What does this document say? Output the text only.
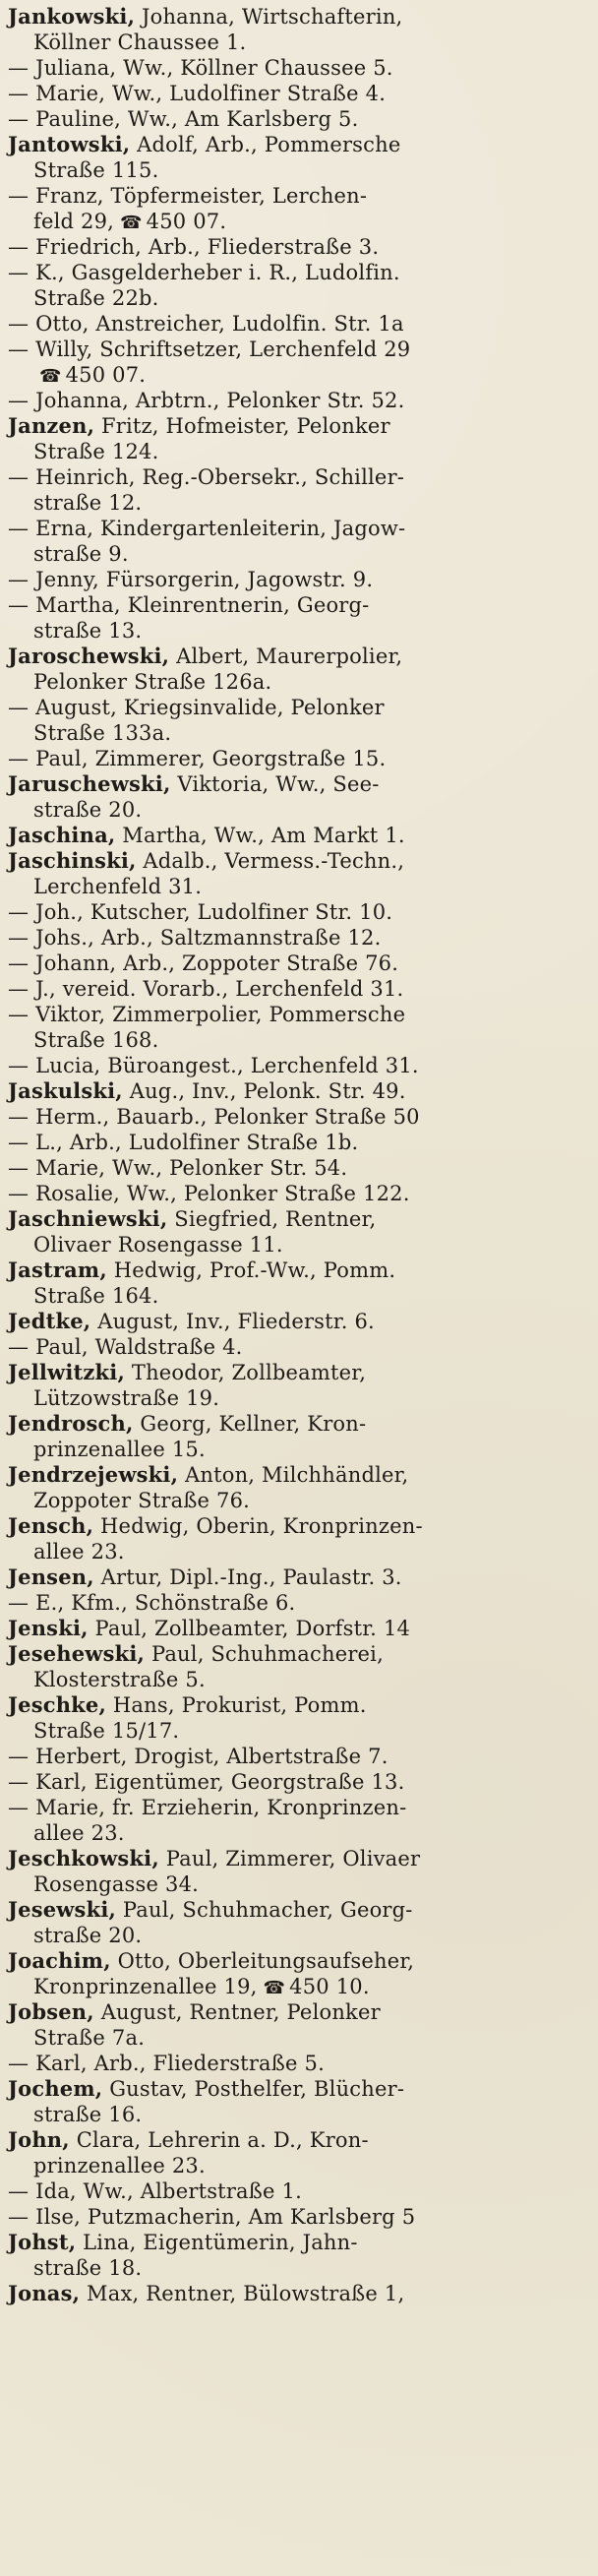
Jankowski, Johanna, Wirtschafterin,
Köllner Chaussee 1.
— Juliana, Ww., Köllner Chaussee 5.
— Marie, Ww., Ludolfiner Straße 4.
— Pauline, Ww., Am Karlsberg 5.
Jantowski, Adolf, Arb., Pommersche
Straße 115.
— Franz, Töpfermeister, Lerchen-
feld 29, ☎ 450 07.
— Friedrich, Arb., Fliederstraße 3.
— K., Gasgelderheber i. R., Ludolfin.
Straße 22b.
— Otto, Anstreicher, Ludolfin. Str. 1a
— Willy, Schriftsetzer, Lerchenfeld 29
☎ 450 07.
— Johanna, Arbtrn., Pelonker Str. 52.
Janzen, Fritz, Hofmeister, Pelonker
Straße 124.
— Heinrich, Reg.-Obersekr., Schiller-
straße 12.
— Erna, Kindergartenleiterin, Jagow-
straße 9.
— Jenny, Fürsorgerin, Jagowstr. 9.
— Martha, Kleinrentnerin, Georg-
straße 13.
Jaroschewski, Albert, Maurerpolier,
Pelonker Straße 126a.
— August, Kriegsinvalide, Pelonker
Straße 133a.
— Paul, Zimmerer, Georgstraße 15.
Jaruschewski, Viktoria, Ww., See-
straße 20.
Jaschina, Martha, Ww., Am Markt 1.
Jaschinski, Adalb., Vermess.-Techn.,
Lerchenfeld 31.
— Joh., Kutscher, Ludolfiner Str. 10.
— Johs., Arb., Saltzmannstraße 12.
— Johann, Arb., Zoppoter Straße 76.
— J., vereid. Vorarb., Lerchenfeld 31.
— Viktor, Zimmerpolier, Pommersche
Straße 168.
— Lucia, Büroangest., Lerchenfeld 31.
Jaskulski, Aug., Inv., Pelonk. Str. 49.
— Herm., Bauarb., Pelonker Straße 50
— L., Arb., Ludolfiner Straße 1b.
— Marie, Ww., Pelonker Str. 54.
— Rosalie, Ww., Pelonker Straße 122.
Jaschniewski, Siegfried, Rentner,
Olivaer Rosengasse 11.
Jastram, Hedwig, Prof.-Ww., Pomm.
Straße 164.
Jedtke, August, Inv., Fliederstr. 6.
— Paul, Waldstraße 4.
Jellwitzki, Theodor, Zollbeamter,
Lützowstraße 19.
Jendrosch, Georg, Kellner, Kron-
prinzenallee 15.
Jendrzejewski, Anton, Milchhändler,
Zoppoter Straße 76.
Jensch, Hedwig, Oberin, Kronprinzen-
allee 23.
Jensen, Artur, Dipl.-Ing., Paulastr. 3.
— E., Kfm., Schönstraße 6.
Jenski, Paul, Zollbeamter, Dorfstr. 14
Jesehewski, Paul, Schuhmacherei,
Klosterstraße 5.
Jeschke, Hans, Prokurist, Pomm.
Straße 15/17.
— Herbert, Drogist, Albertstraße 7.
— Karl, Eigentümer, Georgstraße 13.
— Marie, fr. Erzieherin, Kronprinzen-
allee 23.
Jeschkowski, Paul, Zimmerer, Olivaer
Rosengasse 34.
Jesewski, Paul, Schuhmacher, Georg-
straße 20.
Joachim, Otto, Oberleitungsaufseher,
Kronprinzenallee 19, ☎ 450 10.
Jobsen, August, Rentner, Pelonker
Straße 7a.
— Karl, Arb., Fliederstraße 5.
Jochem, Gustav, Posthelfer, Blücher-
straße 16.
John, Clara, Lehrerin a. D., Kron-
prinzenallee 23.
— Ida, Ww., Albertstraße 1.
— Ilse, Putzmacherin, Am Karlsberg 5
Johst, Lina, Eigentümerin, Jahn-
straße 18.
Jonas, Max, Rentner, Bülowstraße 1,
